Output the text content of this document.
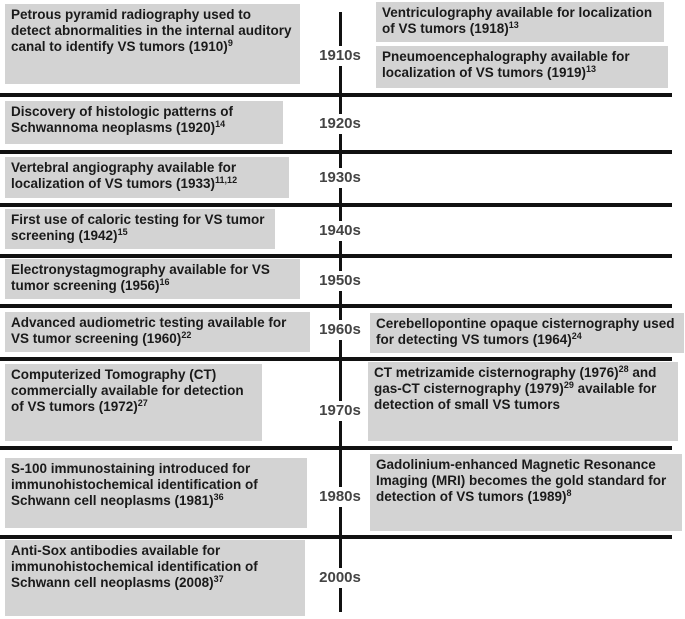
1910s
1920s
1930s
1940s
1950s
1960s
1970s
1980s
2000s
Petrous pyramid radiography used to detect abnormalities in the internal auditory canal to identify VS tumors $(1910)^9$
Ventriculography available for localization of VS tumors $(1918)^{13}$
Pneumoencephalography available for localization of VS tumors $(1919)^{13}$
Discovery of histologic patterns of Schwannoma neoplasms $(1920)^{14}$
Vertebral angiography available for localization of VS tumors $(1933)^{11,12}$
First use of caloric testing for VS tumor screening $(1942)^{15}$
Electronystagmography available for VS tumor screening $(1956)^{16}$
Advanced audiometric testing available for VS tumor screening $(1960)^{22}$
Cerebellopontine opaque cisternography used for detecting VS tumors $(1964)^{24}$
Computerized Tomography (CT) commercially available for detection of VS tumors $(1972)^{27}$
CT metrizamide cisternography $(1976)^{28}$ and gas-CT cisternography $(1979)^{29}$ available for detection of small VS tumors
S-100 immunostaining introduced for immunohistochemical identification of Schwann cell neoplasms $(1981)^{36}$
Gadolinium-enhanced Magnetic Resonance Imaging (MRI) becomes the gold standard for detection of VS tumors $(1989)^8$
Anti-Sox antibodies available for immunohistochemical identification of Schwann cell neoplasms $(2008)^{37}$
